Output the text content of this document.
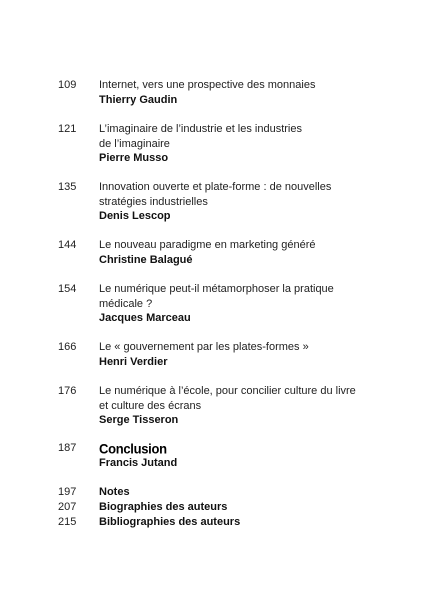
109	Internet, vers une prospective des monnaies

Thierry Gaudin

121	L’imaginaire de l’industrie et les industries

de l’imaginaire

Pierre Musso

135	Innovation ouverte et plate-forme : de nouvelles

stratégies industrielles

Denis Lescop

144	Le nouveau paradigme en marketing généré

Christine Balagué

154	Le numérique peut-il métamorphoser la pratique

médicale ?

Jacques Marceau

166	Le « gouvernement par les plates-formes »

Henri Verdier

176	Le numérique à l’école, pour concilier culture du livre

et culture des écrans

Serge Tisseron

187	Conclusion

Francis Jutand

197	Notes

207	Biographies des auteurs

215	Bibliographies des auteurs
